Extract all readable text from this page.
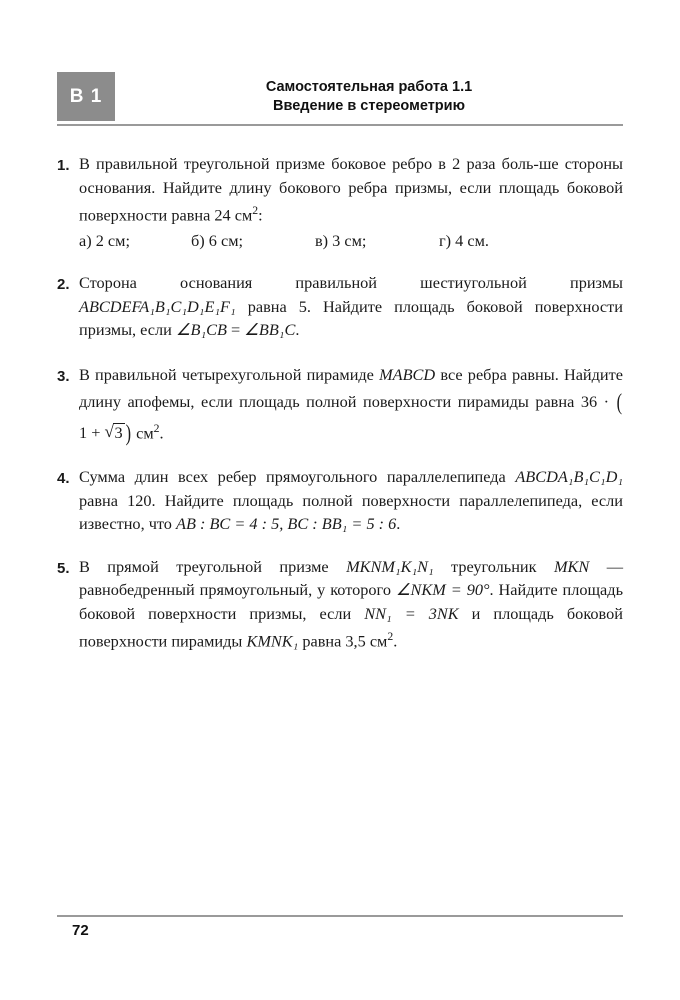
В 1	Самостоятельная работа 1.1
Введение в стереометрию
1. В правильной треугольной призме боковое ребро в 2 раза боль-ше стороны основания. Найдите длину бокового ребра призмы, если площадь боковой поверхности равна 24 $см^2$:

а) 2 см;	б) 6 см;	в) 3 см;	г) 4 см.
2. Сторона основания правильной шестиугольной призмы ABCDEFA₁B₁C₁D₁E₁F₁ равна 5. Найдите площадь боковой поверхности призмы, если ∠B₁CB = ∠BB₁C.

3. В правильной четырехугольной пирамиде MABCD все ребра равны. Найдите длину апофемы, если площадь полной поверхности пирамиды равна 36 · (1 + √ 3 ) $см^2$.

4. Сумма длин всех ребер прямоугольного параллелепипеда ABCDA₁B₁C₁D₁ равна 120. Найдите площадь полной поверхности параллелепипеда, если известно, что AB : BC = 4 : 5, BC : BB₁ = 5 : 6.

5. В прямой треугольной призме MKNM₁K₁N₁ треугольник MKN — равнобедренный прямоугольный, у которого ∠NKM = 90°. Найдите площадь боковой поверхности призмы, если NN₁ = 3NK и площадь боковой поверхности пирамиды KMNK₁ равна 3,5 $см^2$.

72
